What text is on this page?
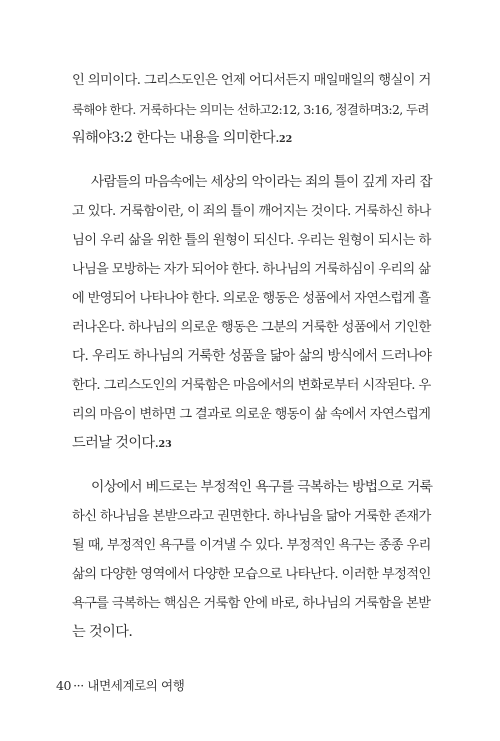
인 의미이다. 그리스도인은 언제 어디서든지 매일매일의 행실이 거
룩해야 한다. 거룩하다는 의미는 선하고2:12, 3:16, 정결하며3:2, 두려
워해야3:2 한다는 내용을 의미한다.22

사람들의 마음속에는 세상의 악이라는 죄의 틀이 깊게 자리 잡
고 있다. 거룩함이란, 이 죄의 틀이 깨어지는 것이다. 거룩하신 하나
님이 우리 삶을 위한 틀의 원형이 되신다. 우리는 원형이 되시는 하
나님을 모방하는 자가 되어야 한다. 하나님의 거룩하심이 우리의 삶
에 반영되어 나타나야 한다. 의로운 행동은 성품에서 자연스럽게 흘
러나온다. 하나님의 의로운 행동은 그분의 거룩한 성품에서 기인한
다. 우리도 하나님의 거룩한 성품을 닮아 삶의 방식에서 드러나야
한다. 그리스도인의 거룩함은 마음에서의 변화로부터 시작된다. 우
리의 마음이 변하면 그 결과로 의로운 행동이 삶 속에서 자연스럽게
드러날 것이다.23

이상에서 베드로는 부정적인 욕구를 극복하는 방법으로 거룩
하신 하나님을 본받으라고 권면한다. 하나님을 닮아 거룩한 존재가
될 때, 부정적인 욕구를 이겨낼 수 있다. 부정적인 욕구는 종종 우리
삶의 다양한 영역에서 다양한 모습으로 나타난다. 이러한 부정적인
욕구를 극복하는 핵심은 거룩함 안에 바로, 하나님의 거룩함을 본받
는 것이다.

40 ··· 내면세계로의 여행
